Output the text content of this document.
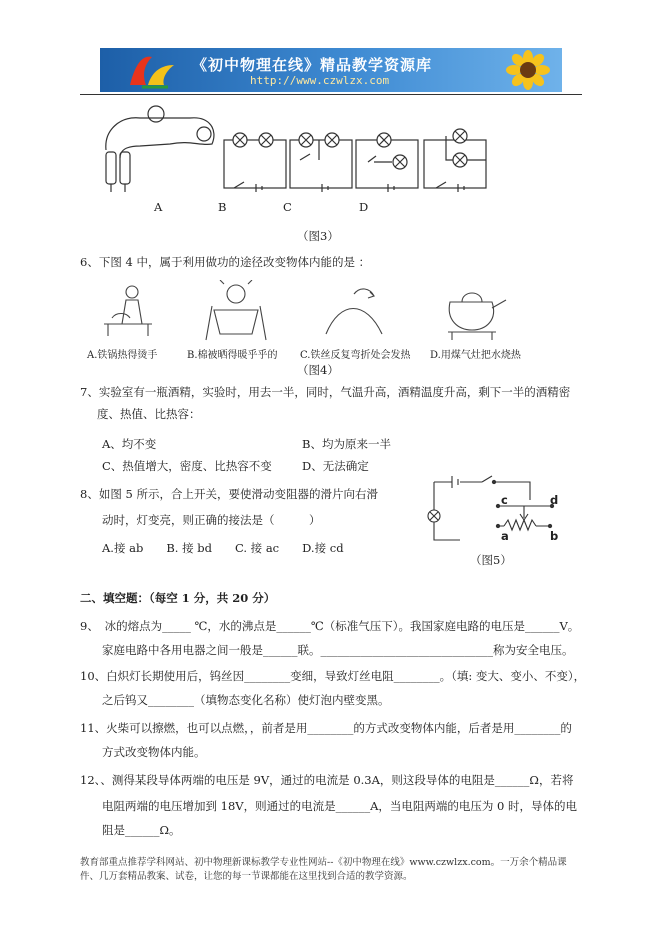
《初中物理在线》精品教学资源库
http://www.czwlzx.com
A	B	C	D
（图3）
6、下图 4 中，属于利用做功的途径改变物体内能的是 ：
A.铁锅热得烫手	B.棉被晒得暖乎乎的 C.铁丝反复弯折处会发热 D.用煤气灶把水烧热
（图4）
7、实验室有一瓶酒精，实验时，用去一半，同时，气温升高，酒精温度升高，剩下一半的酒精密
度、热值、比热容：
A、均不变	B、均为原来一半
C、热值增大，密度、比热容不变	D、无法确定
8、如图 5 所示，合上开关，要使滑动变阻器的滑片向右滑
动时，灯变亮，则正确的接法是（　　　）
A.接 ab　　B. 接 bd　　C. 接 ac　　D.接 cd
c	d
a	b
（图5）
二、填空题：（每空 1 分，共 20 分）
9、　冰的熔点为_____ ℃，水的沸点是______℃（标准气压下）。我国家庭电路的电压是______V。
家庭电路中各用电器之间一般是______联。______________________________称为安全电压。
10、白炽灯长期使用后，钨丝因________变细，导致灯丝电阻________。（填: 变大、变小、不变），
之后钨又________（填物态变化名称）使灯泡内壁变黑。
11、火柴可以擦燃，也可以点燃，，前者是用________的方式改变物体内能，后者是用________的
方式改变物体内能。
12、、测得某段导体两端的电压是 9V，通过的电流是 0.3A，则这段导体的电阻是______Ω，若将
电阻两端的电压增加到 18V，则通过的电流是______A，当电阻两端的电压为 0 时，导体的电
阻是______Ω。
教育部重点推荐学科网站、初中物理新课标教学专业性网站--《初中物理在线》www.czwlzx.com。一万余个精品课
件、几万套精品教案、试卷，让您的每一节课都能在这里找到合适的教学资源。
